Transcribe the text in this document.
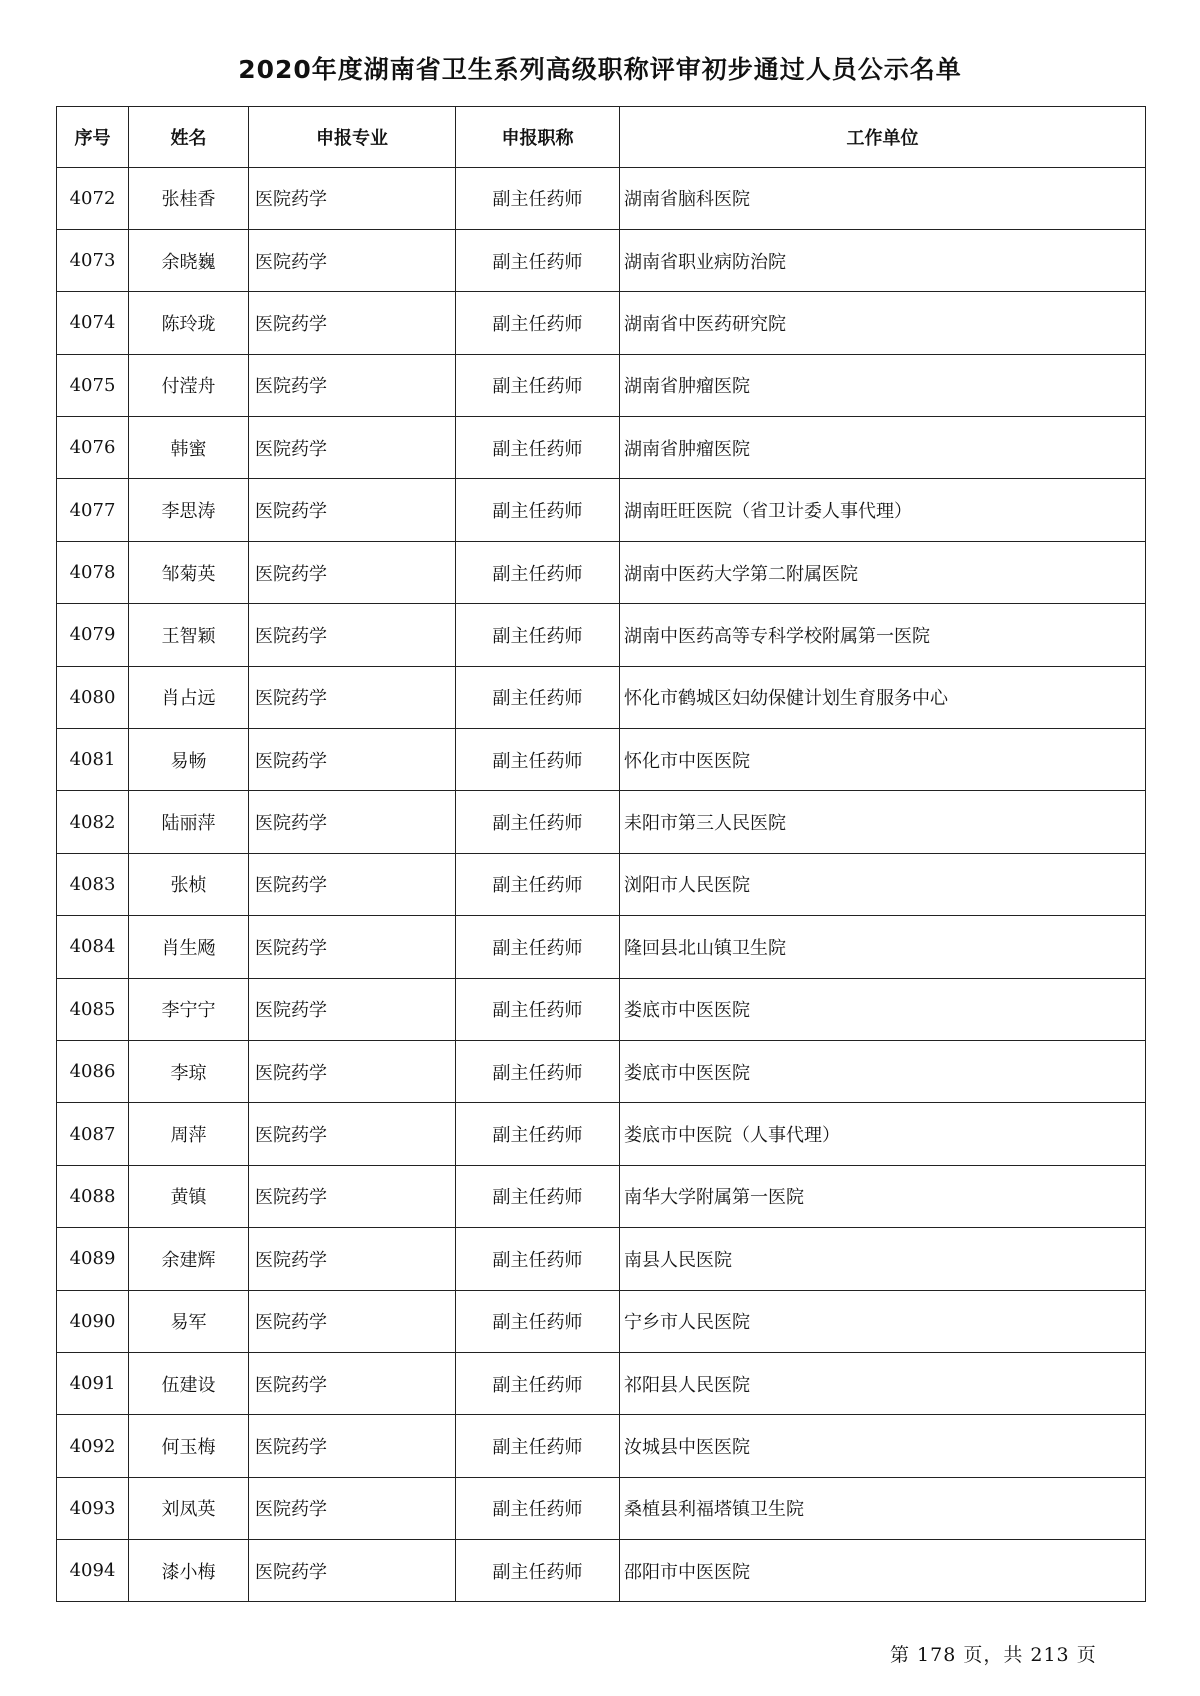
2020年度湖南省卫生系列高级职称评审初步通过人员公示名单
序号	姓名	申报专业	申报职称	工作单位
4072	张桂香	医院药学	副主任药师	湖南省脑科医院
4073	余晓巍	医院药学	副主任药师	湖南省职业病防治院
4074	陈玲珑	医院药学	副主任药师	湖南省中医药研究院
4075	付滢舟	医院药学	副主任药师	湖南省肿瘤医院
4076	韩蜜	医院药学	副主任药师	湖南省肿瘤医院
4077	李思涛	医院药学	副主任药师	湖南旺旺医院（省卫计委人事代理）
4078	邹菊英	医院药学	副主任药师	湖南中医药大学第二附属医院
4079	王智颖	医院药学	副主任药师	湖南中医药高等专科学校附属第一医院
4080	肖占远	医院药学	副主任药师	怀化市鹤城区妇幼保健计划生育服务中心
4081	易畅	医院药学	副主任药师	怀化市中医医院
4082	陆丽萍	医院药学	副主任药师	耒阳市第三人民医院
4083	张桢	医院药学	副主任药师	浏阳市人民医院
4084	肖生飏	医院药学	副主任药师	隆回县北山镇卫生院
4085	李宁宁	医院药学	副主任药师	娄底市中医医院
4086	李琼	医院药学	副主任药师	娄底市中医医院
4087	周萍	医院药学	副主任药师	娄底市中医院（人事代理）
4088	黄镇	医院药学	副主任药师	南华大学附属第一医院
4089	余建辉	医院药学	副主任药师	南县人民医院
4090	易军	医院药学	副主任药师	宁乡市人民医院
4091	伍建设	医院药学	副主任药师	祁阳县人民医院
4092	何玉梅	医院药学	副主任药师	汝城县中医医院
4093	刘凤英	医院药学	副主任药师	桑植县利福塔镇卫生院
4094	漆小梅	医院药学	副主任药师	邵阳市中医医院
第 178 页，共 213 页
